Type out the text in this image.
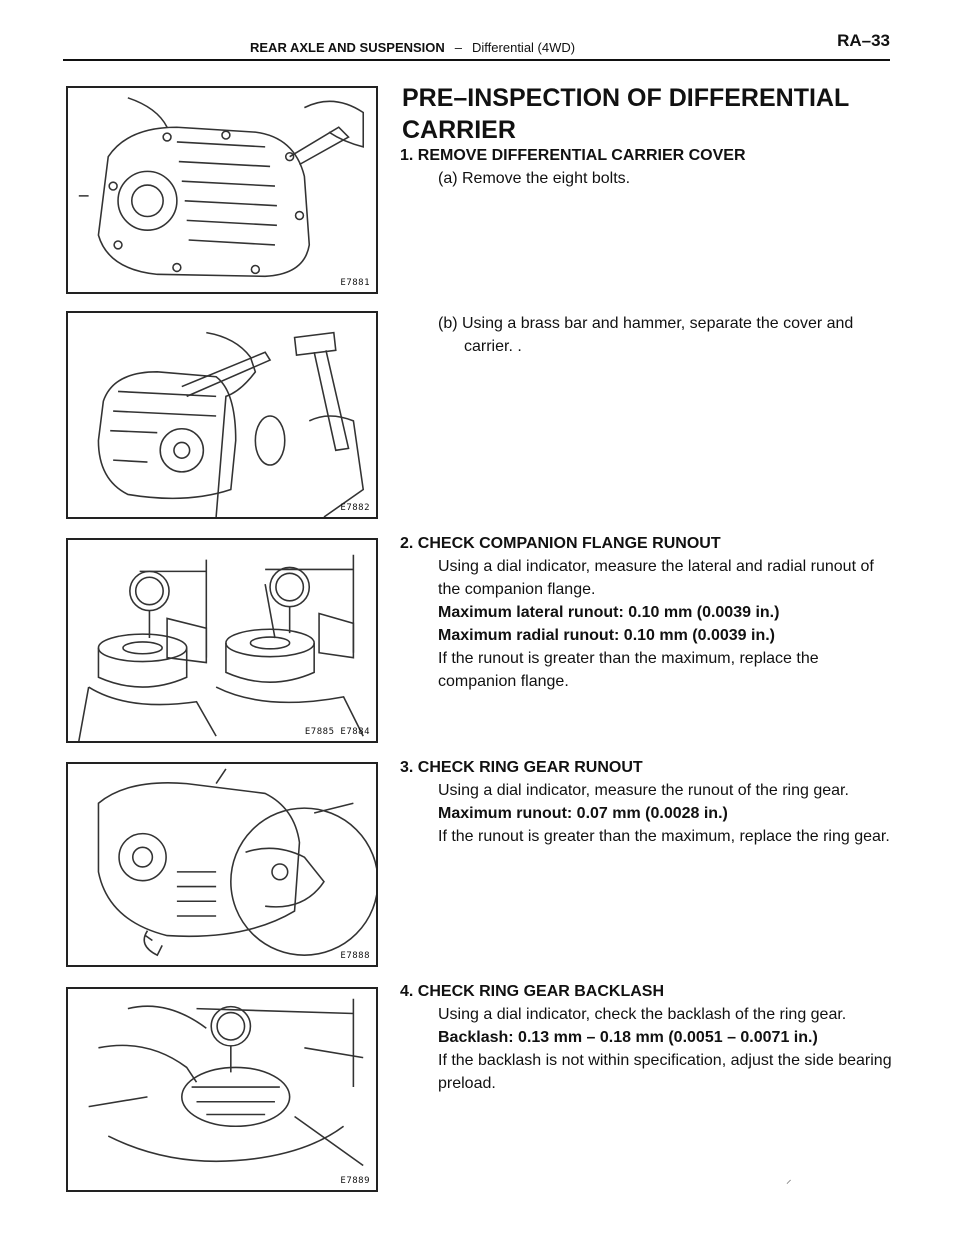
REAR AXLE AND SUSPENSION – Differential (4WD)	RA–33
E7881
E7882
E7885 E7884
E7888
E7889
PRE–INSPECTION OF DIFFERENTIAL CARRIER
1. REMOVE DIFFERENTIAL CARRIER COVER
(a) Remove the eight bolts.
(b) Using a brass bar and hammer, separate the cover and carrier. .
2. CHECK COMPANION FLANGE RUNOUT
Using a dial indicator, measure the lateral and radial runout of the companion flange.
Maximum lateral runout: 0.10 mm (0.0039 in.)
Maximum radial runout: 0.10 mm (0.0039 in.)
If the runout is greater than the maximum, replace the companion flange.
3. CHECK RING GEAR RUNOUT
Using a dial indicator, measure the runout of the ring gear.
Maximum runout: 0.07 mm (0.0028 in.)
If the runout is greater than the maximum, replace the ring gear.
4. CHECK RING GEAR BACKLASH
Using a dial indicator, check the backlash of the ring gear.
Backlash: 0.13 mm – 0.18 mm (0.0051 – 0.0071 in.)
If the backlash is not within specification, adjust the side bearing preload.
⸝
